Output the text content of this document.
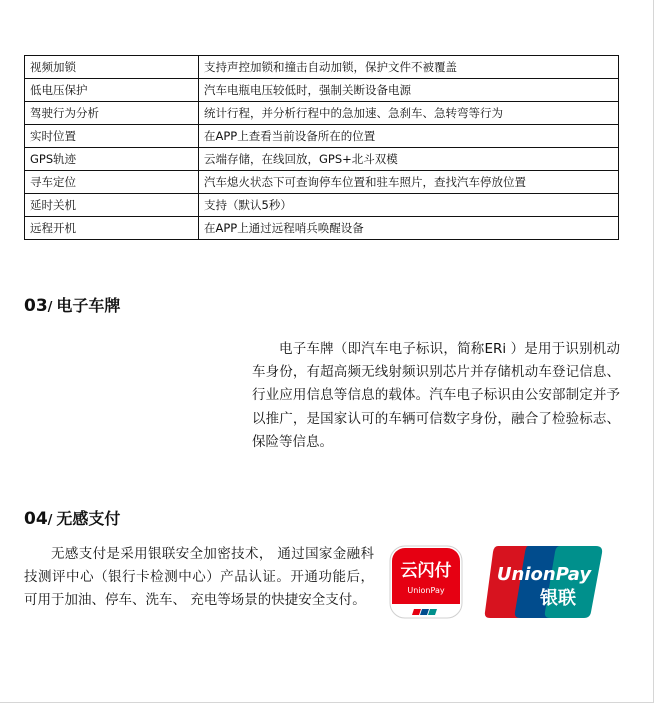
视频加锁	支持声控加锁和撞击自动加锁，保护文件不被覆盖
低电压保护	汽车电瓶电压较低时，强制关断设备电源
驾驶行为分析	统计行程，并分析行程中的急加速、急刹车、急转弯等行为
实时位置	在APP上查看当前设备所在的位置
GPS轨迹	云端存储，在线回放，GPS+北斗双模
寻车定位	汽车熄火状态下可查询停车位置和驻车照片，查找汽车停放位置
延时关机	支持（默认5秒）
远程开机	在APP上通过远程哨兵唤醒设备
03/ 电子车牌

电子车牌（即汽车电子标识，简称ERi ）是用于识别机动车身份，有超高频无线射频识别芯片并存储机动车登记信息、行业应用信息等信息的载体。汽车电子标识由公安部制定并予以推广，是国家认可的车辆可信数字身份，融合了检验标志、保险等信息。

04/ 无感支付

无感支付是采用银联安全加密技术， 通过国家金融科技测评中心（银行卡检测中心）产品认证。开通功能后，可用于加油、停车、洗车、 充电等场景的快捷安全支付。

云闪付
UnionPay
UnionPay
银联
